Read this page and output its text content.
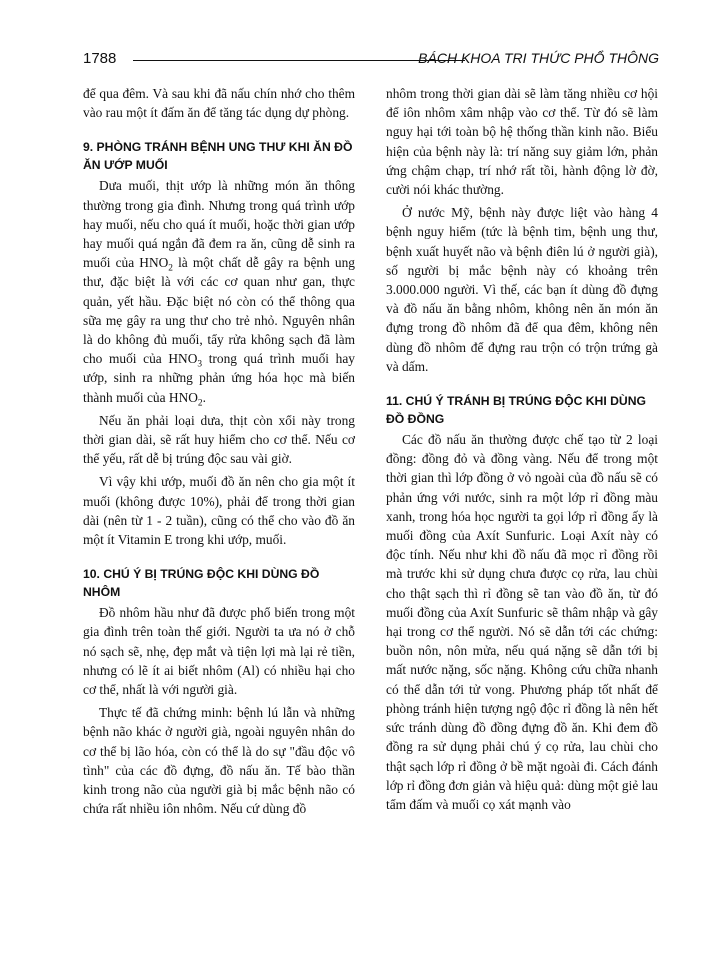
1788	BÁCH KHOA TRI THỨC PHỔ THÔNG

để qua đêm. Và sau khi đã nấu chín nhớ cho thêm vào rau một ít đấm ăn để tăng tác dụng dự phòng.

9. PHÒNG TRÁNH BỆNH UNG THƯ KHI ĂN ĐỒ ĂN ƯỚP MUỐI

Dưa muối, thịt ướp là những món ăn thông thường trong gia đình. Nhưng trong quá trình ướp hay muối, nếu cho quá ít muối, hoặc thời gian ướp hay muối quá ngắn đã đem ra ăn, cũng dễ sinh ra muối của $HNO_2$ là một chất dễ gây ra bệnh ung thư, đặc biệt là với các cơ quan như gan, thực quản, yết hầu. Đặc biệt nó còn có thể thông qua sữa mẹ gây ra ung thư cho trẻ nhỏ. Nguyên nhân là do không đủ muối, tẩy rửa không sạch đã làm cho muối của $HNO_3$ trong quá trình muối hay ướp, sinh ra những phản ứng hóa học mà biến thành muối của $HNO_2$.

Nếu ăn phải loại dưa, thịt còn xổi này trong thời gian dài, sẽ rất huy hiểm cho cơ thể. Nếu cơ thể yếu, rất dễ bị trúng độc sau vài giờ.

Vì vậy khi ướp, muối đồ ăn nên cho gia một ít muối (không được 10%), phải để trong thời gian dài (nên từ 1 - 2 tuần), cũng có thể cho vào đồ ăn một ít Vitamin E trong khi ướp, muối.

10. CHÚ Ý BỊ TRÚNG ĐỘC KHI DÙNG ĐỒ NHÔM

Đồ nhôm hầu như đã được phổ biến trong một gia đình trên toàn thế giới. Người ta ưa nó ở chỗ nó sạch sẽ, nhẹ, đẹp mắt và tiện lợi mà lại rẻ tiền, nhưng có lẽ ít ai biết nhôm (Al) có nhiều hại cho cơ thể, nhất là với người già.

Thực tế đã chứng minh: bệnh lú lẫn và những bệnh não khác ở người già, ngoài nguyên nhân do cơ thể bị lão hóa, còn có thể là do sự "đầu độc vô tình" của các đồ đựng, đồ nấu ăn. Tế bào thần kinh trong não của người già bị mắc bệnh não có chứa rất nhiều iôn nhôm. Nếu cứ dùng đồ

nhôm trong thời gian dài sẽ làm tăng nhiều cơ hội để iôn nhôm xâm nhập vào cơ thể. Từ đó sẽ làm nguy hại tới toàn bộ hệ thống thần kinh não. Biểu hiện của bệnh này là: trí năng suy giảm lớn, phản ứng chậm chạp, trí nhớ rất tồi, hành động lờ đờ, cười nói khác thường.

Ở nước Mỹ, bệnh này được liệt vào hàng 4 bệnh nguy hiểm (tức là bệnh tim, bệnh ung thư, bệnh xuất huyết não và bệnh điên lú ở người già), số người bị mắc bệnh này có khoảng trên 3.000.000 người. Vì thế, các bạn ít dùng đồ đựng và đồ nấu ăn bằng nhôm, không nên ăn món ăn đựng trong đồ nhôm đã để qua đêm, không nên dùng đồ nhôm để đựng rau trộn có trộn trứng gà và dấm.

11. CHÚ Ý TRÁNH BỊ TRÚNG ĐỘC KHI DÙNG ĐỒ ĐỒNG

Các đồ nấu ăn thường được chế tạo từ 2 loại đồng: đồng đỏ và đồng vàng. Nếu để trong một thời gian thì lớp đồng ở vỏ ngoài của đồ nấu sẽ có phản ứng với nước, sinh ra một lớp rỉ đồng màu xanh, trong hóa học người ta gọi lớp rỉ đồng ấy là muối đồng của Axít Sunfuric. Loại Axít này có độc tính. Nếu như khi đồ nấu đã mọc rỉ đồng rồi mà trước khi sử dụng chưa được cọ rửa, lau chùi cho thật sạch thì rỉ đồng sẽ tan vào đồ ăn, từ đó muối đồng của Axít Sunfuric sẽ thâm nhập và gây hại trong cơ thể người. Nó sẽ dẫn tới các chứng: buồn nôn, nôn mửa, nếu quá nặng sẽ dẫn tới bị mất nước nặng, sốc nặng. Không cứu chữa nhanh có thể dẫn tới tử vong. Phương pháp tốt nhất để phòng tránh hiện tượng ngộ độc rỉ đồng là nên hết sức tránh dùng đồ đồng đựng đồ ăn. Khi đem đồ đồng ra sử dụng phải chú ý cọ rửa, lau chùi cho thật sạch lớp rỉ đồng ở bề mặt ngoài đi. Cách đánh lớp rỉ đồng đơn giản và hiệu quả: dùng một giẻ lau tẩm đấm và muối cọ xát mạnh vào
